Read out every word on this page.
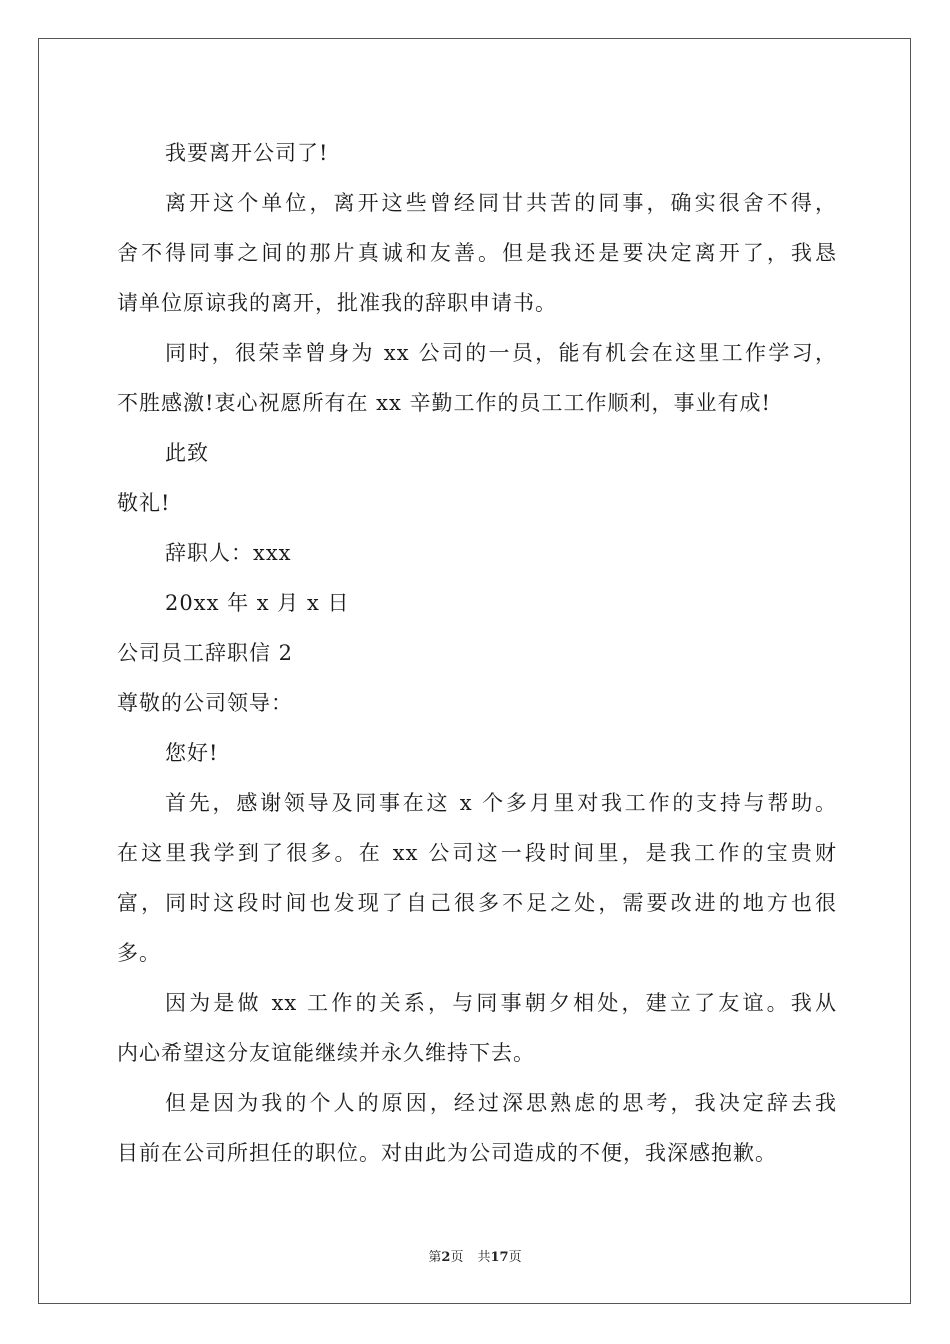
我要离开公司了!
离开这个单位，离开这些曾经同甘共苦的同事，确实很舍不得，
舍不得同事之间的那片真诚和友善。但是我还是要决定离开了，我恳
请单位原谅我的离开，批准我的辞职申请书。
同时，很荣幸曾身为 xx 公司的一员，能有机会在这里工作学习，
不胜感激!衷心祝愿所有在 xx 辛勤工作的员工工作顺利，事业有成!
此致
敬礼!
辞职人：xxx
20xx 年 x 月 x 日
公司员工辞职信 2
尊敬的公司领导：
您好!
首先，感谢领导及同事在这 x 个多月里对我工作的支持与帮助。
在这里我学到了很多。在 xx 公司这一段时间里，是我工作的宝贵财
富，同时这段时间也发现了自己很多不足之处，需要改进的地方也很
多。
因为是做 xx 工作的关系，与同事朝夕相处，建立了友谊。我从
内心希望这分友谊能继续并永久维持下去。
但是因为我的个人的原因，经过深思熟虑的思考，我决定辞去我
目前在公司所担任的职位。对由此为公司造成的不便，我深感抱歉。
第2页 共17页
